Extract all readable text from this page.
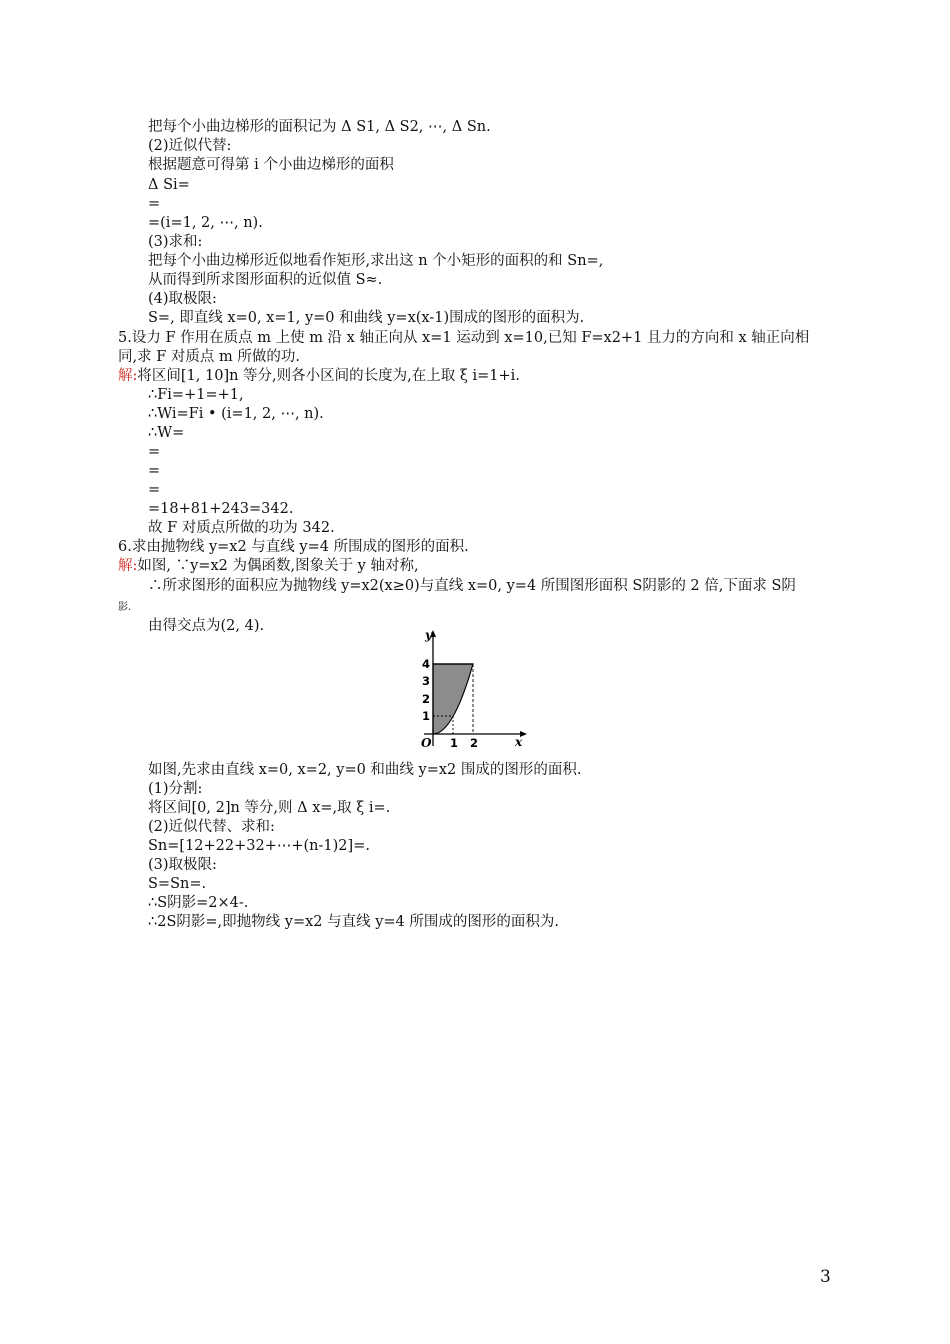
把每个小曲边梯形的面积记为 Δ S1, Δ S2, ⋯, Δ Sn.
(2)近似代替:
根据题意可得第 i 个小曲边梯形的面积
Δ Si=
=
=(i=1, 2, ⋯, n).
(3)求和:
把每个小曲边梯形近似地看作矩形,求出这 n 个小矩形的面积的和 Sn=,
从而得到所求图形面积的近似值 S≈.
(4)取极限:
S=, 即直线 x=0, x=1, y=0 和曲线 y=x(x-1)围成的图形的面积为.
5.设力 F 作用在质点 m 上使 m 沿 x 轴正向从 x=1 运动到 x=10,已知 F=x2+1 且力的方向和 x 轴正向相
同,求 F 对质点 m 所做的功.
解:将区间[1, 10]n 等分,则各小区间的长度为,在上取 ξ i=1+i.
∴Fi=+1=+1,
∴Wi=Fi • (i=1, 2, ⋯, n).
∴W=
=
=
=
=18+81+243=342.
故 F 对质点所做的功为 342.
6.求由抛物线 y=x2 与直线 y=4 所围成的图形的面积.
解:如图, ∵y=x2 为偶函数,图象关于 y 轴对称,
∴所求图形的面积应为抛物线 y=x2(x≥0)与直线 x=0, y=4 所围图形面积 S阴影的 2 倍,下面求 S阴
影.
由得交点为(2, 4).
y
x
O
1
2
3
4
1 2
如图,先求由直线 x=0, x=2, y=0 和曲线 y=x2 围成的图形的面积.
(1)分割:
将区间[0, 2]n 等分,则 Δ x=,取 ξ i=.
(2)近似代替、求和:
Sn=[12+22+32+⋯+(n-1)2]=.
(3)取极限:
S=Sn=.
∴S阴影=2×4-.
∴2S阴影=,即抛物线 y=x2 与直线 y=4 所围成的图形的面积为.
3
